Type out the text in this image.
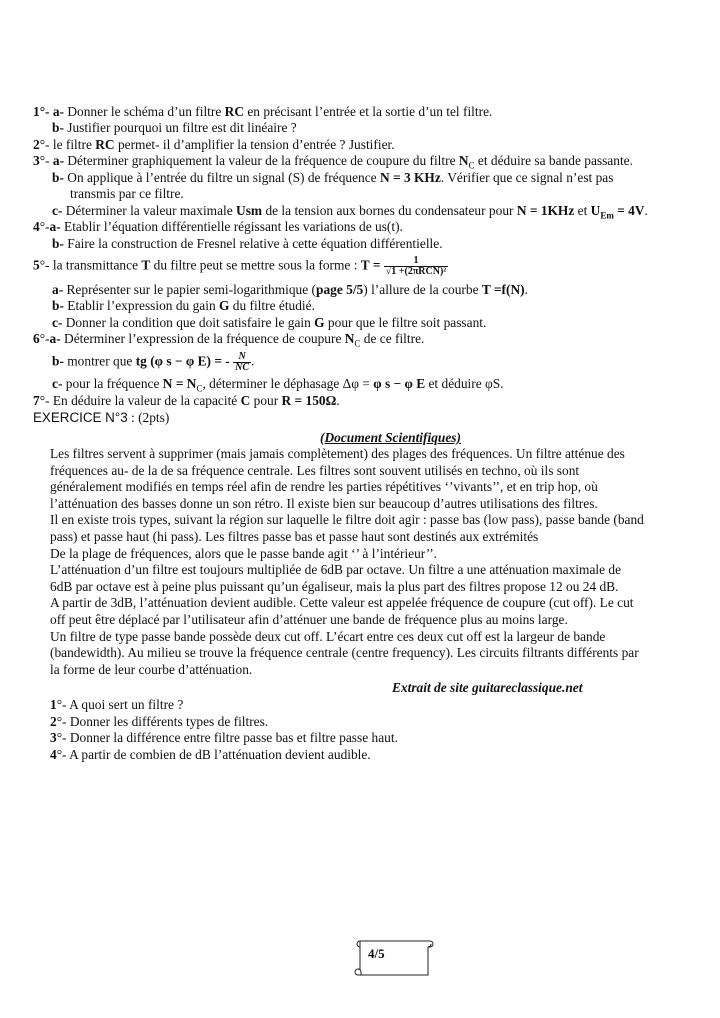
1°- a- Donner le schéma d’un filtre RC en précisant l’entrée et la sortie d’un tel filtre.
b- Justifier pourquoi un filtre est dit linéaire ?
2°- le filtre RC permet- il d’amplifier la tension d’entrée ? Justifier.
3°- a- Déterminer graphiquement la valeur de la fréquence de coupure du filtre $N_C$ et déduire sa bande passante.
b- On applique à l’entrée du filtre un signal (S) de fréquence N = 3 KHz. Vérifier que ce signal n’est pas
transmis par ce filtre.
c- Déterminer la valeur maximale Usm de la tension aux bornes du condensateur pour N = 1KHz et $U_{Em} = 4V$.
4°-a- Etablir l’équation différentielle régissant les variations de us(t).
b- Faire la construction de Fresnel relative à cette équation différentielle.
5°- la transmittance T du filtre peut se mettre sous la forme : $T = \frac{1}{\text{√1 +(2πRCN)²}}$
a- Représenter sur le papier semi-logarithmique (page 5/5) l’allure de la courbe T =f(N).
b- Etablir l’expression du gain G du filtre étudié.
c- Donner la condition que doit satisfaire le gain G pour que le filtre soit passant.
6°-a- Déterminer l’expression de la fréquence de coupure $N_C$ de ce filtre.
b- montrer que tg (φ s − φ E) = - $\frac{N}{NC}$ .
c- pour la fréquence $N = N_C$, déterminer le déphasage Δφ = φ s − φ E et déduire φS.
7°- En déduire la valeur de la capacité C pour R = 150Ω.
EXERCICE N°3 : (2pts)
(Document Scientifiques)
Les filtres servent à supprimer (mais jamais complètement) des plages des fréquences. Un filtre atténue des
fréquences au- de la de sa fréquence centrale. Les filtres sont souvent utilisés en techno, où ils sont
généralement modifiés en temps réel afin de rendre les parties répétitives ‘’vivants’’, et en trip hop, où
l’atténuation des basses donne un son rétro. Il existe bien sur beaucoup d’autres utilisations des filtres.
Il en existe trois types, suivant la région sur laquelle le filtre doit agir : passe bas (low pass), passe bande (band
pass) et passe haut (hi pass). Les filtres passe bas et passe haut sont destinés aux extrémités
De la plage de fréquences, alors que le passe bande agit ‘’ à l’intérieur’’.
L’atténuation d’un filtre est toujours multipliée de 6dB par octave. Un filtre a une atténuation maximale de
6dB par octave est à peine plus puissant qu’un égaliseur, mais la plus part des filtres propose 12 ou 24 dB.
A partir de 3dB, l’atténuation devient audible. Cette valeur est appelée fréquence de coupure (cut off). Le cut
off peut être déplacé par l’utilisateur afin d’atténuer une bande de fréquence plus au moins large.
Un filtre de type passe bande possède deux cut off. L’écart entre ces deux cut off est la largeur de bande
(bandewidth). Au milieu se trouve la fréquence centrale (centre frequency). Les circuits filtrants différents par
la forme de leur courbe d’atténuation.
Extrait de site guitareclassique.net
1°- A quoi sert un filtre ?
2°- Donner les différents types de filtres.
3°- Donner la différence entre filtre passe bas et filtre passe haut.
4°- A partir de combien de dB l’atténuation devient audible.
4/5
